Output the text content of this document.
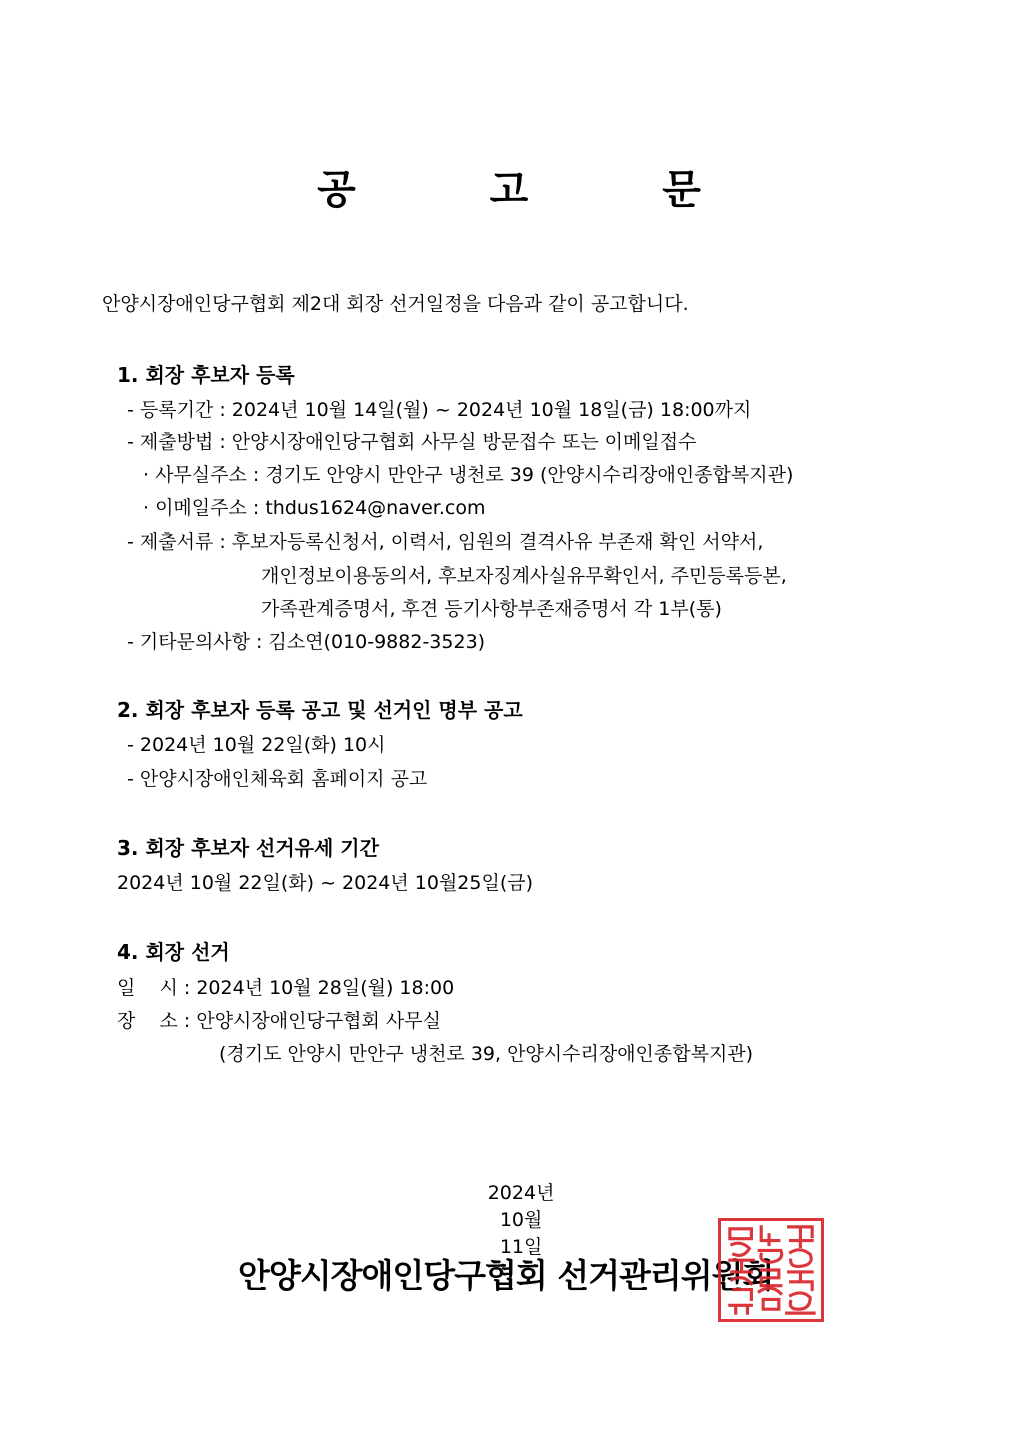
공 고 문
안양시장애인당구협회 제2대 회장 선거일정을 다음과 같이 공고합니다.
1. 회장 후보자 등록
- 등록기간 : 2024년 10월 14일(월) ~ 2024년 10월 18일(금) 18:00까지
- 제출방법 : 안양시장애인당구협회 사무실 방문접수 또는 이메일접수
· 사무실주소 : 경기도 안양시 만안구 냉천로 39 (안양시수리장애인종합복지관)
· 이메일주소 : thdus1624@naver.com
- 제출서류 : 후보자등록신청서, 이력서, 임원의 결격사유 부존재 확인 서약서,
개인정보이용동의서, 후보자징계사실유무확인서, 주민등록등본,
가족관계증명서, 후견 등기사항부존재증명서 각 1부(통)
- 기타문의사항 : 김소연(010-9882-3523)
2. 회장 후보자 등록 공고 및 선거인 명부 공고
- 2024년 10월 22일(화) 10시
- 안양시장애인체육회 홈페이지 공고
3. 회장 후보자 선거유세 기간
2024년 10월 22일(화) ~ 2024년 10월25일(금)
4. 회장 선거
일    시 : 2024년 10월 28일(월) 18:00
장    소 : 안양시장애인당구협회 사무실
(경기도 안양시 만안구 냉천로 39, 안양시수리장애인종합복지관)

2024년
10월
11일

안양시장애인당구협회 선거관리위원회
